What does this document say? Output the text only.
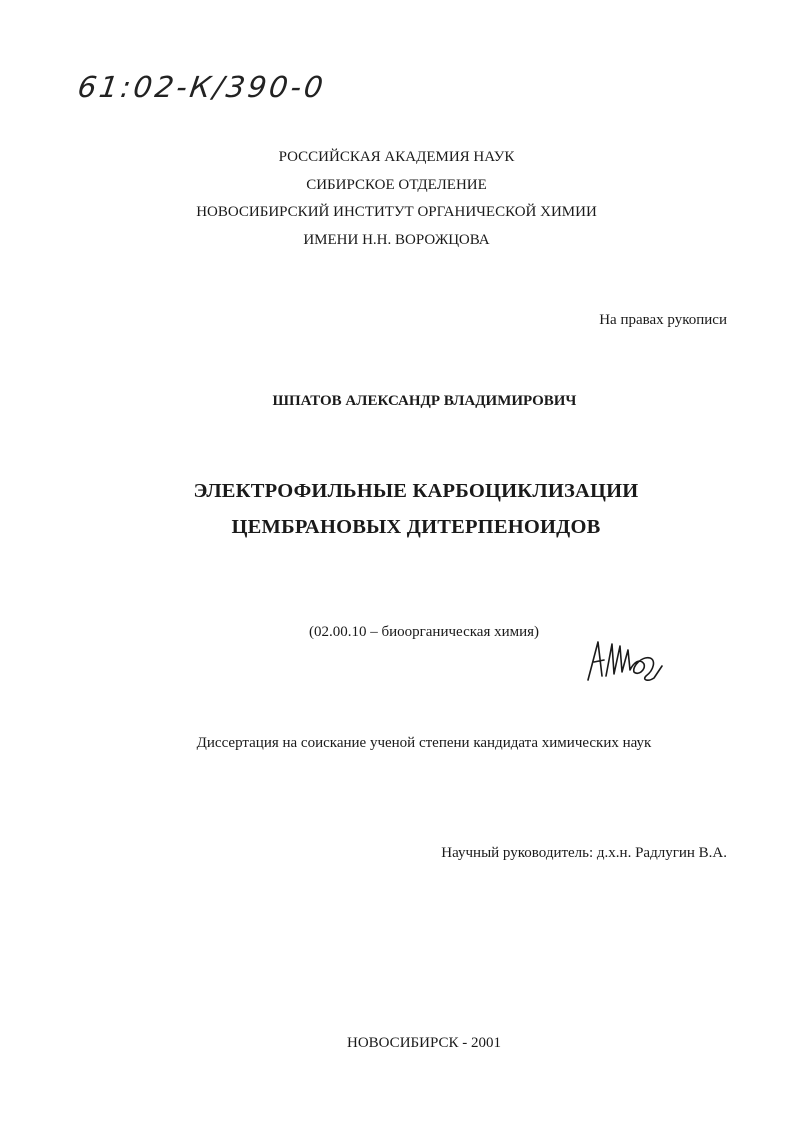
61:02-К/390-0

РОССИЙСКАЯ АКАДЕМИЯ НАУК

СИБИРСКОЕ ОТДЕЛЕНИЕ

НОВОСИБИРСКИЙ ИНСТИТУТ ОРГАНИЧЕСКОЙ ХИМИИ

ИМЕНИ Н.Н. ВОРОЖЦОВА

На правах рукописи
ШПАТОВ АЛЕКСАНДР ВЛАДИМИРОВИЧ

ЭЛЕКТРОФИЛЬНЫЕ КАРБОЦИКЛИЗАЦИИ

ЦЕМБРАНОВЫХ ДИТЕРПЕНОИДОВ

(02.00.10 – биоорганическая химия)
Диссертация на соискание ученой степени кандидата химических наук
Научный руководитель: д.х.н. Радлугин В.А.
НОВОСИБИРСК - 2001
